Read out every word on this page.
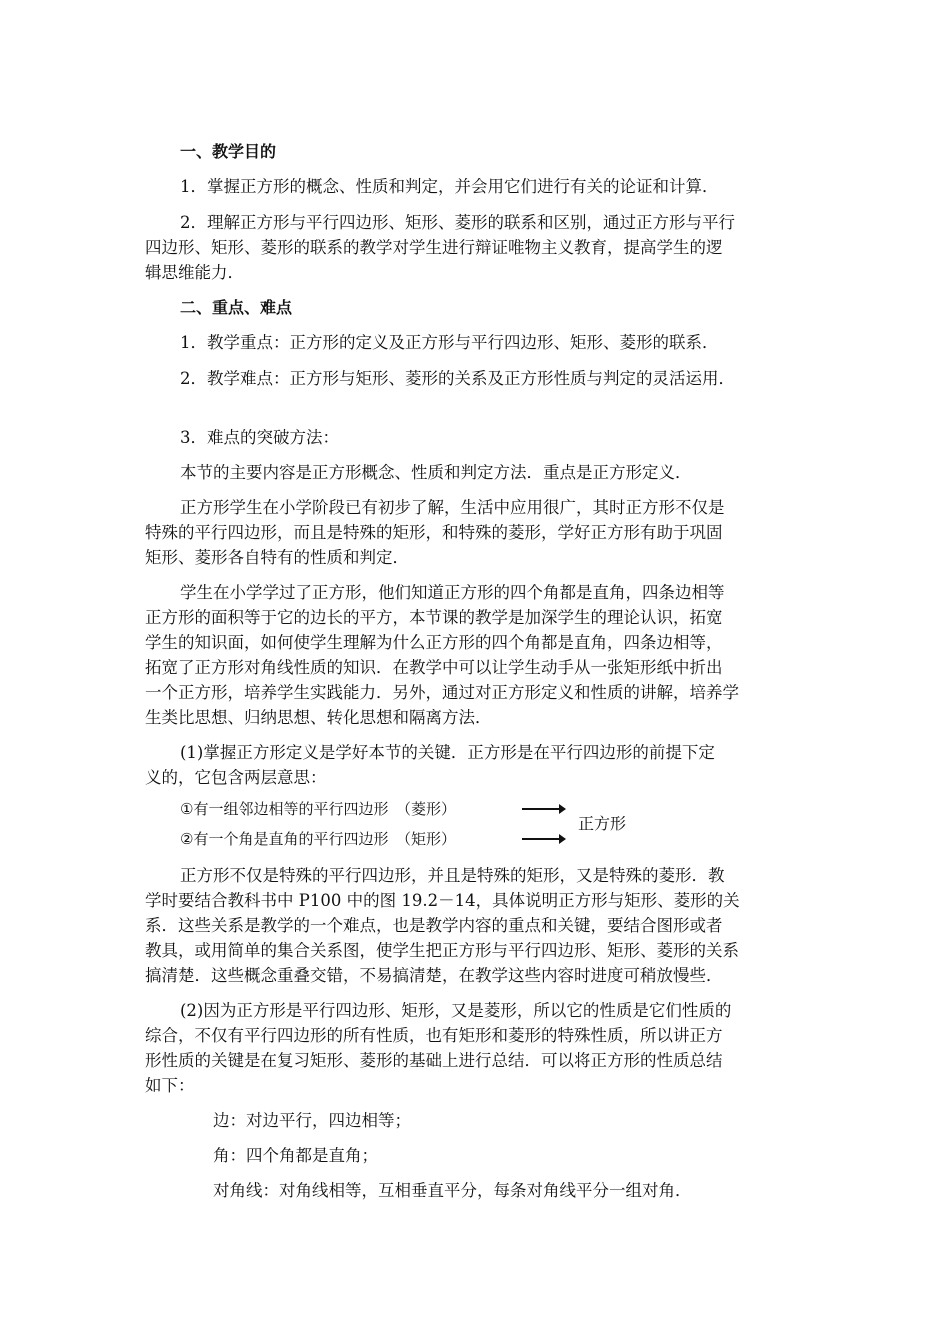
一、教学目的
1．掌握正方形的概念、性质和判定，并会用它们进行有关的论证和计算．
2．理解正方形与平行四边形、矩形、菱形的联系和区别，通过正方形与平行
四边形、矩形、菱形的联系的教学对学生进行辩证唯物主义教育，提高学生的逻
辑思维能力．
二、重点、难点
1．教学重点：正方形的定义及正方形与平行四边形、矩形、菱形的联系．
2．教学难点：正方形与矩形、菱形的关系及正方形性质与判定的灵活运用．
3．难点的突破方法：
本节的主要内容是正方形概念、性质和判定方法．重点是正方形定义．
正方形学生在小学阶段已有初步了解，生活中应用很广，其时正方形不仅是
特殊的平行四边形，而且是特殊的矩形，和特殊的菱形，学好正方形有助于巩固
矩形、菱形各自特有的性质和判定．
学生在小学学过了正方形，他们知道正方形的四个角都是直角，四条边相等
正方形的面积等于它的边长的平方，本节课的教学是加深学生的理论认识，拓宽
学生的知识面，如何使学生理解为什么正方形的四个角都是直角，四条边相等，
拓宽了正方形对角线性质的知识．在教学中可以让学生动手从一张矩形纸中折出
一个正方形，培养学生实践能力．另外，通过对正方形定义和性质的讲解，培养学
生类比思想、归纳思想、转化思想和隔离方法．
(1)掌握正方形定义是学好本节的关键．正方形是在平行四边形的前提下定
义的，它包含两层意思：
①有一组邻边相等的平行四边形　（菱形）
②有一个角是直角的平行四边形　（矩形）
正方形
正方形不仅是特殊的平行四边形，并且是特殊的矩形，又是特殊的菱形．教
学时要结合教科书中 P100 中的图 19.2－14，具体说明正方形与矩形、菱形的关
系．这些关系是教学的一个难点，也是教学内容的重点和关键，要结合图形或者
教具，或用简单的集合关系图，使学生把正方形与平行四边形、矩形、菱形的关系
搞清楚．这些概念重叠交错，不易搞清楚，在教学这些内容时进度可稍放慢些．
(2)因为正方形是平行四边形、矩形，又是菱形，所以它的性质是它们性质的
综合，不仅有平行四边形的所有性质，也有矩形和菱形的特殊性质，所以讲正方
形性质的关键是在复习矩形、菱形的基础上进行总结．可以将正方形的性质总结
如下：
边：对边平行，四边相等；
角：四个角都是直角；
对角线：对角线相等，互相垂直平分，每条对角线平分一组对角．
